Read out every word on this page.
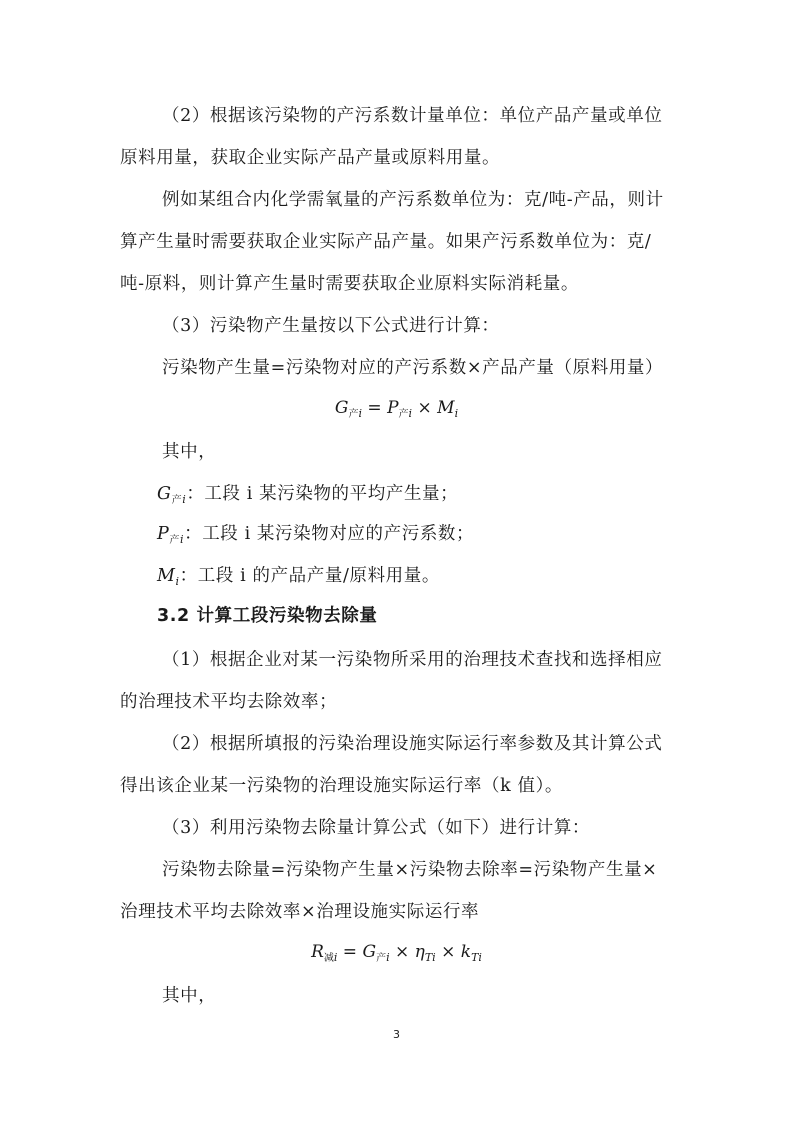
（2）根据该污染物的产污系数计量单位：单位产品产量或单位
原料用量，获取企业实际产品产量或原料用量。
例如某组合内化学需氧量的产污系数单位为：克/吨-产品，则计
算产生量时需要获取企业实际产品产量。如果产污系数单位为：克/
吨-原料，则计算产生量时需要获取企业原料实际消耗量。
（3）污染物产生量按以下公式进行计算：
污染物产生量=污染物对应的产污系数×产品产量（原料用量）
$G_{产i} = P_{产i} \times M_i$
其中，
$G_{产i}$：工段 i 某污染物的平均产生量；
$P_{产i}$：工段 i 某污染物对应的产污系数；
$M_i$：工段 i 的产品产量/原料用量。
3.2 计算工段污染物去除量
（1）根据企业对某一污染物所采用的治理技术查找和选择相应
的治理技术平均去除效率；
（2）根据所填报的污染治理设施实际运行率参数及其计算公式
得出该企业某一污染物的治理设施实际运行率（k 值）。
（3）利用污染物去除量计算公式（如下）进行计算：
污染物去除量=污染物产生量×污染物去除率=污染物产生量×
治理技术平均去除效率×治理设施实际运行率
$R_{减i} = G_{产i} \times \eta_{Ti} \times k_{Ti}$
其中，
3
